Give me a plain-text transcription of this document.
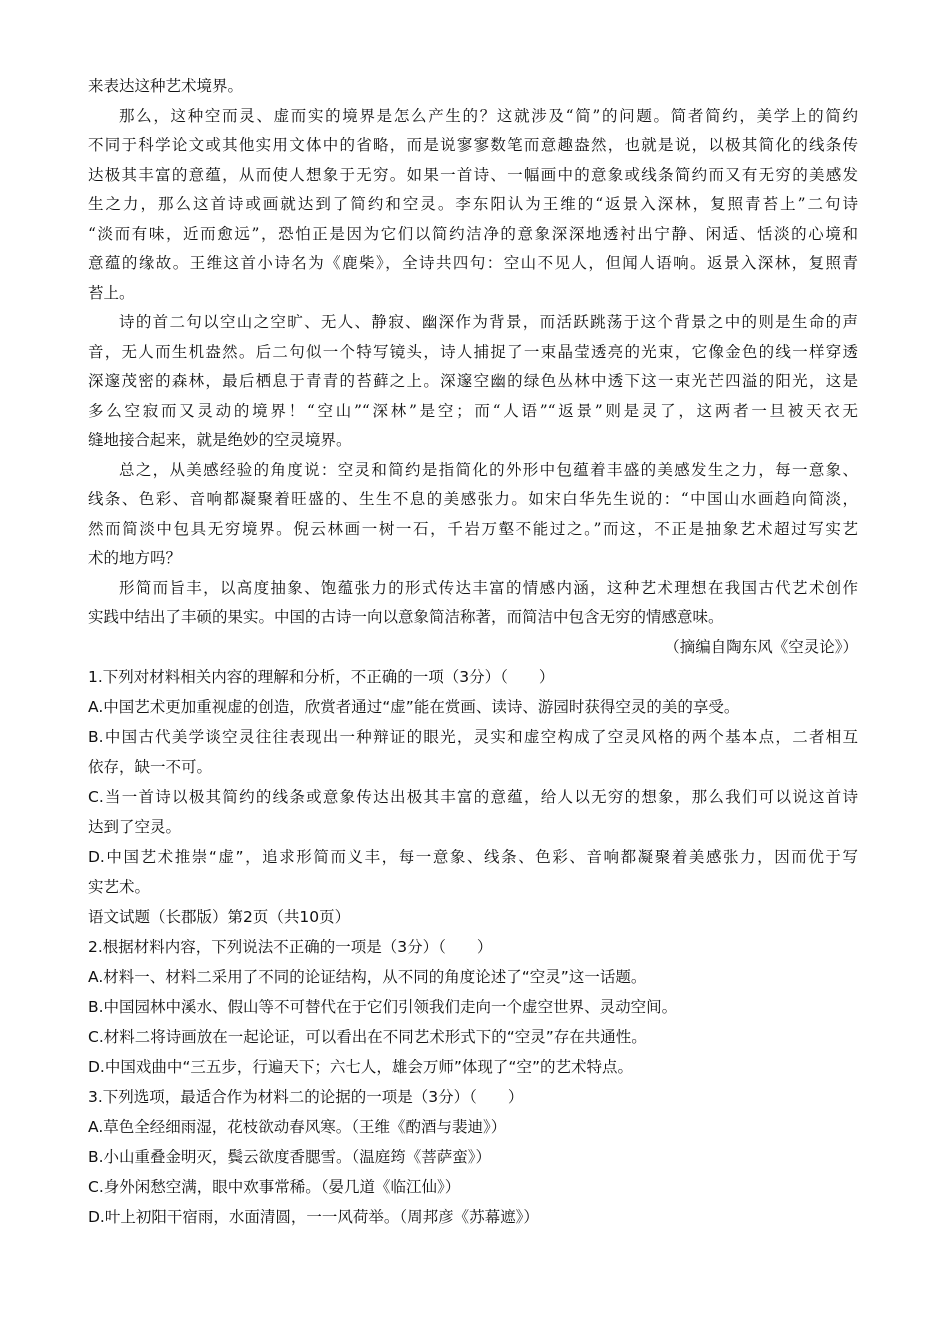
来表达这种艺术境界。
那么，这种空而灵、虚而实的境界是怎么产生的？这就涉及“简”的问题。简者简约，美学上的简约
不同于科学论文或其他实用文体中的省略，而是说寥寥数笔而意趣盎然，也就是说，以极其简化的线条传
达极其丰富的意蕴，从而使人想象于无穷。如果一首诗、一幅画中的意象或线条简约而又有无穷的美感发
生之力，那么这首诗或画就达到了简约和空灵。李东阳认为王维的“返景入深林，复照青苔上”二句诗
“淡而有味，近而愈远”，恐怕正是因为它们以简约洁净的意象深深地透衬出宁静、闲适、恬淡的心境和
意蕴的缘故。王维这首小诗名为《鹿柴》，全诗共四句：空山不见人，但闻人语响。返景入深林，复照青
苔上。
诗的首二句以空山之空旷、无人、静寂、幽深作为背景，而活跃跳荡于这个背景之中的则是生命的声
音，无人而生机盎然。后二句似一个特写镜头，诗人捕捉了一束晶莹透亮的光束，它像金色的线一样穿透
深邃茂密的森林，最后栖息于青青的苔藓之上。深邃空幽的绿色丛林中透下这一束光芒四溢的阳光，这是
多么空寂而又灵动的境界！“空山”“深林”是空；而“人语”“返景”则是灵了，这两者一旦被天衣无
缝地接合起来，就是绝妙的空灵境界。
总之，从美感经验的角度说：空灵和简约是指简化的外形中包蕴着丰盛的美感发生之力，每一意象、
线条、色彩、音响都凝聚着旺盛的、生生不息的美感张力。如宋白华先生说的：“中国山水画趋向简淡，
然而简淡中包具无穷境界。倪云林画一树一石，千岩万壑不能过之。”而这，不正是抽象艺术超过写实艺
术的地方吗？
形简而旨丰，以高度抽象、饱蕴张力的形式传达丰富的情感内涵，这种艺术理想在我国古代艺术创作
实践中结出了丰硕的果实。中国的古诗一向以意象简洁称著，而简洁中包含无穷的情感意味。
（摘编自陶东风《空灵论》）
1.下列对材料相关内容的理解和分析，不正确的一项（3分）（　　）
A.中国艺术更加重视虚的创造，欣赏者通过“虚”能在赏画、读诗、游园时获得空灵的美的享受。
B.中国古代美学谈空灵往往表现出一种辩证的眼光，灵实和虚空构成了空灵风格的两个基本点，二者相互
依存，缺一不可。
C.当一首诗以极其简约的线条或意象传达出极其丰富的意蕴，给人以无穷的想象，那么我们可以说这首诗
达到了空灵。
D.中国艺术推崇“虚”，追求形简而义丰，每一意象、线条、色彩、音响都凝聚着美感张力，因而优于写
实艺术。
语文试题（长郡版）第2页（共10页）
2.根据材料内容，下列说法不正确的一项是（3分）（　　）
A.材料一、材料二采用了不同的论证结构，从不同的角度论述了“空灵”这一话题。
B.中国园林中溪水、假山等不可替代在于它们引领我们走向一个虚空世界、灵动空间。
C.材料二将诗画放在一起论证，可以看出在不同艺术形式下的“空灵”存在共通性。
D.中国戏曲中“三五步，行遍天下；六七人，雄会万师”体现了“空”的艺术特点。
3.下列选项，最适合作为材料二的论据的一项是（3分）（　　）
A.草色全经细雨湿，花枝欲动春风寒。（王维《酌酒与裴迪》）
B.小山重叠金明灭，鬓云欲度香腮雪。（温庭筠《菩萨蛮》）
C.身外闲愁空满，眼中欢事常稀。（晏几道《临江仙》）
D.叶上初阳干宿雨，水面清圆，一一风荷举。（周邦彦《苏幕遮》）
